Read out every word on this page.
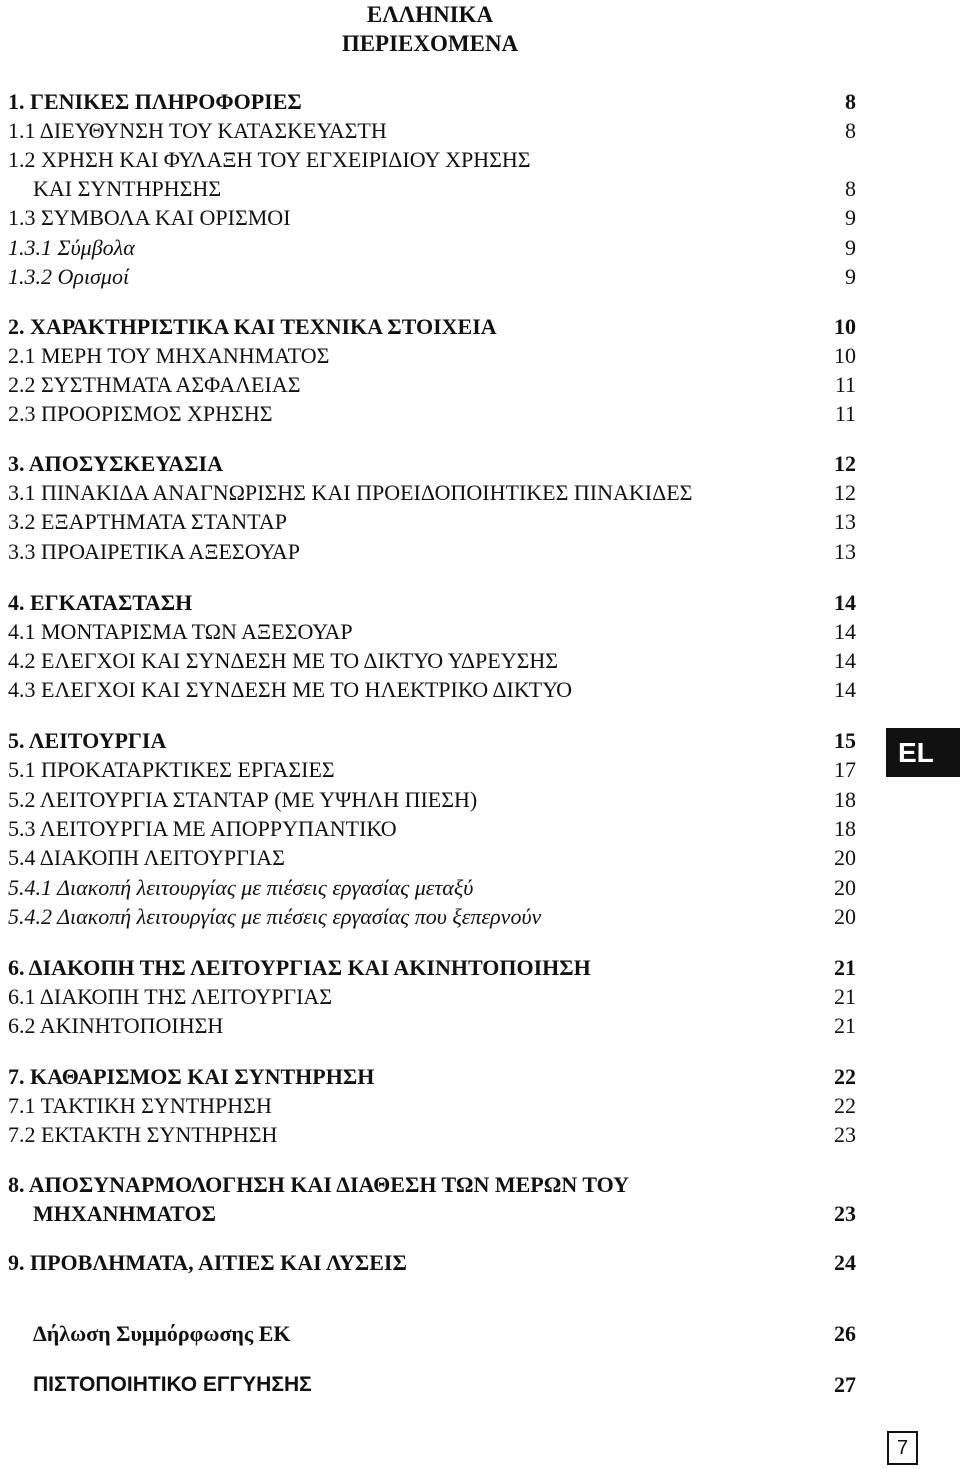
ΕΛΛΗΝΙΚΑ
ΠΕΡΙΕΧΟΜΕΝΑ
1. ΓΕΝΙΚΕΣ ΠΛΗΡΟΦΟΡΙΕΣ	8
1.1 ΔΙΕΥΘΥΝΣΗ ΤΟΥ ΚΑΤΑΣΚΕΥΑΣΤΗ	8
1.2 ΧΡΗΣΗ ΚΑΙ ΦΥΛΑΞΗ ΤΟΥ ΕΓΧΕΙΡΙΔΙΟΥ ΧΡΗΣΗΣ
ΚΑΙ ΣΥΝΤΗΡΗΣΗΣ	8
1.3 ΣΥΜΒΟΛΑ ΚΑΙ ΟΡΙΣΜΟΙ	9
1.3.1 Σύμβολα	9
1.3.2 Ορισμοί	9
2. ΧΑΡΑΚΤΗΡΙΣΤΙΚΑ ΚΑΙ ΤΕΧΝΙΚΑ ΣΤΟΙΧΕΙΑ	10
2.1 ΜΕΡΗ ΤΟΥ ΜΗΧΑΝΗΜΑΤΟΣ	10
2.2 ΣΥΣΤΗΜΑΤΑ ΑΣΦΑΛΕΙΑΣ	11
2.3 ΠΡΟΟΡΙΣΜΟΣ ΧΡΗΣΗΣ	11
3. ΑΠΟΣΥΣΚΕΥΑΣΙΑ	12
3.1 ΠΙΝΑΚΙΔΑ ΑΝΑΓΝΩΡΙΣΗΣ ΚΑΙ ΠΡΟΕΙΔΟΠΟΙΗΤΙΚΕΣ ΠΙΝΑΚΙΔΕΣ	12
3.2 ΕΞΑΡΤΗΜΑΤΑ ΣΤΑΝΤΑΡ	13
3.3 ΠΡΟΑΙΡΕΤΙΚΑ ΑΞΕΣΟΥΑΡ	13
4. ΕΓΚΑΤΑΣΤΑΣΗ	14
4.1 ΜΟΝΤΑΡΙΣΜΑ ΤΩΝ ΑΞΕΣΟΥΑΡ	14
4.2 ΕΛΕΓΧΟΙ ΚΑΙ ΣΥΝΔΕΣΗ ΜΕ ΤΟ ΔΙΚΤΥΟ ΥΔΡΕΥΣΗΣ	14
4.3 ΕΛΕΓΧΟΙ ΚΑΙ ΣΥΝΔΕΣΗ ΜΕ ΤΟ ΗΛΕΚΤΡΙΚΟ ΔΙΚΤΥΟ	14
5. ΛΕΙΤΟΥΡΓΙΑ	15
5.1 ΠΡΟΚΑΤΑΡΚΤΙΚΕΣ ΕΡΓΑΣΙΕΣ	17
5.2 ΛΕΙΤΟΥΡΓΙΑ ΣΤΑΝΤΑΡ (ΜΕ ΥΨΗΛΗ ΠΙΕΣΗ)	18
5.3 ΛΕΙΤΟΥΡΓΙΑ ΜΕ ΑΠΟΡΡΥΠΑΝΤΙΚΟ	18
5.4 ΔΙΑΚΟΠΗ ΛΕΙΤΟΥΡΓΙΑΣ	20
5.4.1 Διακοπή λειτουργίας με πιέσεις εργασίας μεταξύ	20
5.4.2 Διακοπή λειτουργίας με πιέσεις εργασίας που ξεπερνούν	20
6. ΔΙΑΚΟΠΗ ΤΗΣ ΛΕΙΤΟΥΡΓΙΑΣ ΚΑΙ ΑΚΙΝΗΤΟΠΟΙΗΣΗ	21
6.1 ΔΙΑΚΟΠΗ ΤΗΣ ΛΕΙΤΟΥΡΓΙΑΣ	21
6.2 ΑΚΙΝΗΤΟΠΟΙΗΣΗ	21
7. ΚΑΘΑΡΙΣΜΟΣ ΚΑΙ ΣΥΝΤΗΡΗΣΗ	22
7.1 ΤΑΚΤΙΚΗ ΣΥΝΤΗΡΗΣΗ	22
7.2 ΕΚΤΑΚΤΗ ΣΥΝΤΗΡΗΣΗ	23
8. ΑΠΟΣΥΝΑΡΜΟΛΟΓΗΣΗ ΚΑΙ ΔΙΑΘΕΣΗ ΤΩΝ ΜΕΡΩΝ ΤΟΥ
ΜΗΧΑΝΗΜΑΤΟΣ	23
9. ΠΡΟΒΛΗΜΑΤΑ, ΑΙΤΙΕΣ ΚΑΙ ΛΥΣΕΙΣ	24
Δήλωση Συμμόρφωσης ΕΚ	26
ΠΙΣΤΟΠΟΙΗΤΙΚΟ ΕΓΓΥΗΣΗΣ	27
EL
7
